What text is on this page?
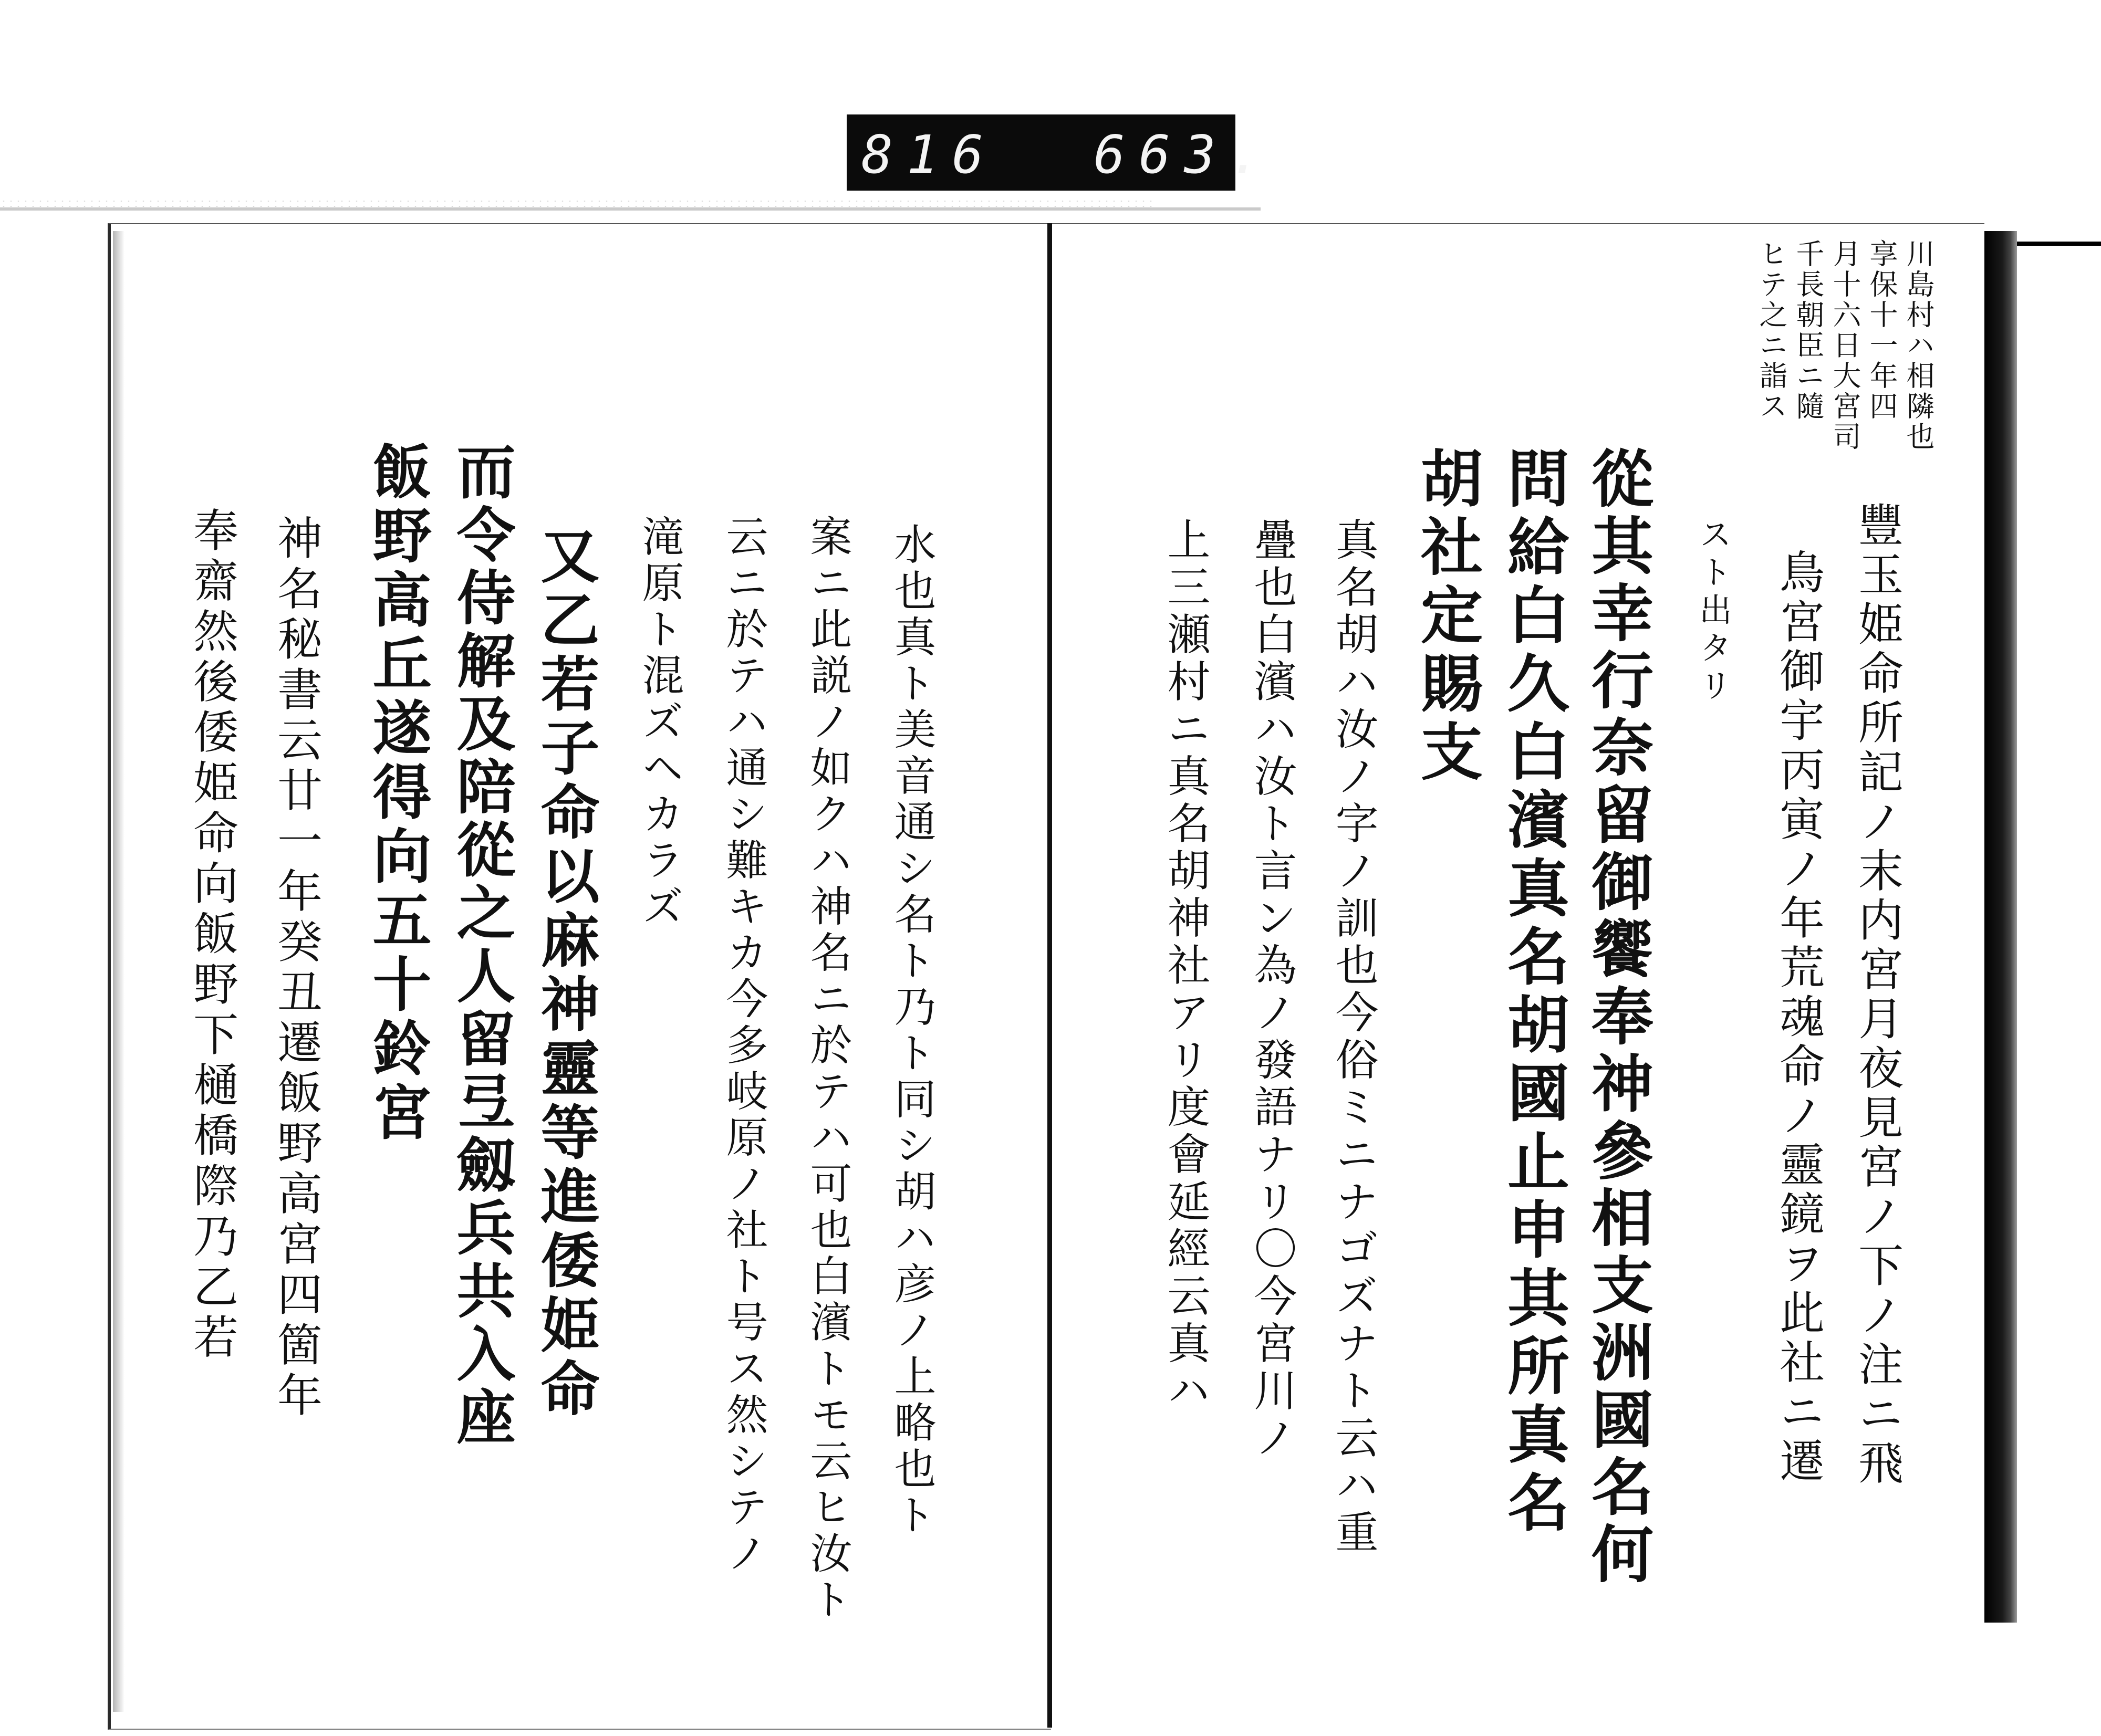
816 663.
川島村ハ相隣也
享保十一年四
月十六日大宮司
千長朝臣ニ隨
ヒテ之ニ詣ス
豐玉姫命所記ノ末内宮月夜見宮ノ下ノ注ニ飛
鳥宮御宇丙寅ノ年荒魂命ノ靈鏡ヲ此社ニ遷
スト出タリ
從其幸行奈留御饗奉神參相支洲國名何
問給白久白濱真名胡國止申其所真名
胡社定賜支
真名胡ハ汝ノ字ノ訓也今俗ミニナゴズナト云ハ重
疊也白濱ハ汝ト言ン為ノ發語ナリ〇今宮川ノ
上三瀬村ニ真名胡神社アリ度會延經云真ハ
水也真ト美音通シ名ト乃ト同シ胡ハ彦ノ上略也ト
案ニ此説ノ如クハ神名ニ於テハ可也白濱トモ云ヒ汝ト
云ニ於テハ通シ難キカ今多岐原ノ社ト号ス然シテノ
滝原ト混ズヘカラズ
又乙若子命以麻神靈等進倭姫命
而令侍解及陪從之人留弖劔兵共入座
飯野高丘遂得向五十鈴宮
神名秘書云廿一年癸丑遷飯野高宮四箇年
奉齋然後倭姫命向飯野下樋橋際乃乙若
